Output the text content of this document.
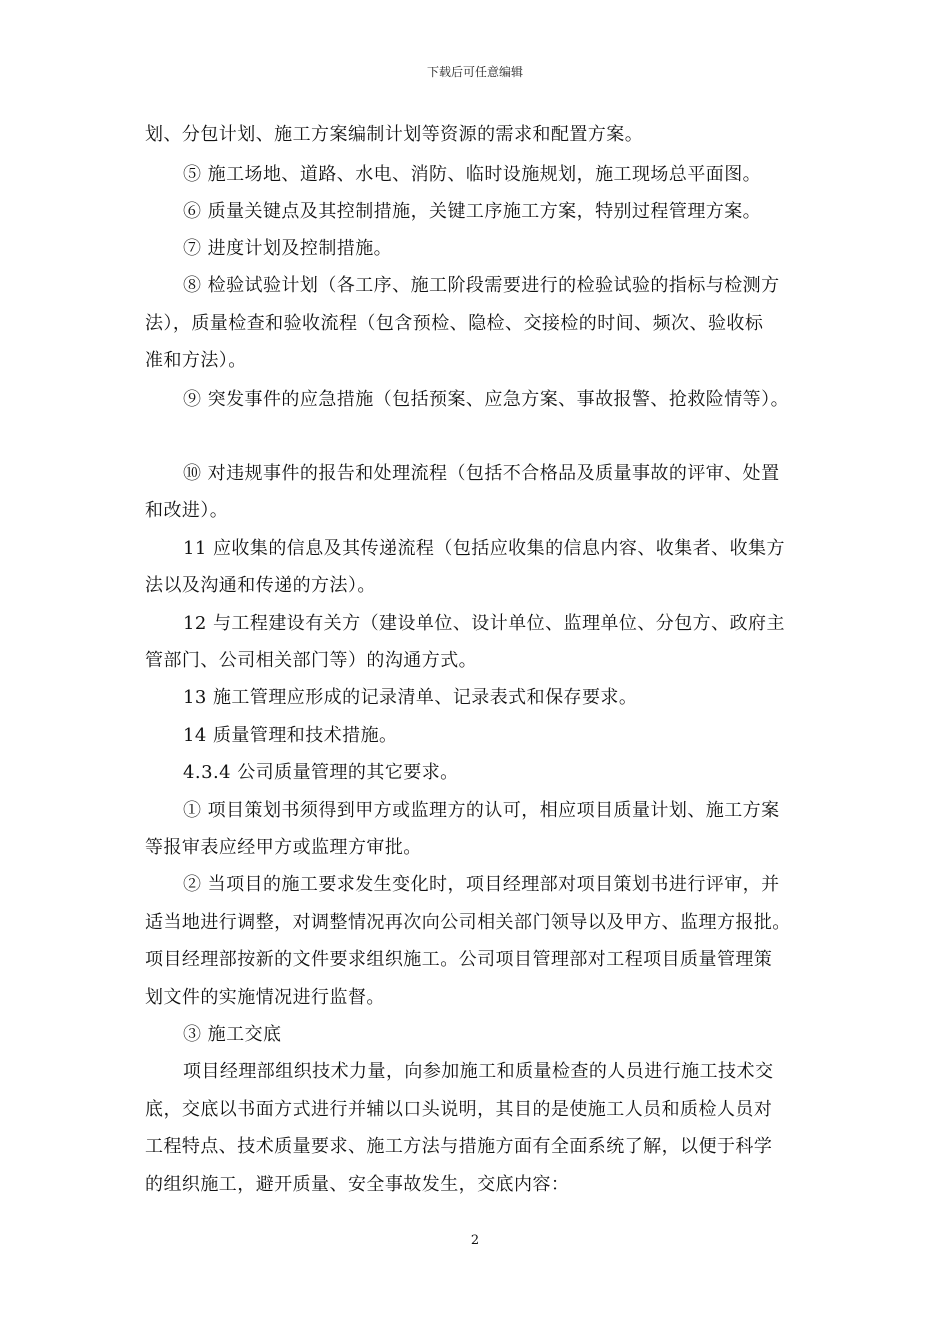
下载后可任意编辑
划、分包计划、施工方案编制计划等资源的需求和配置方案。
⑤ 施工场地、道路、水电、消防、临时设施规划，施工现场总平面图。
⑥ 质量关键点及其控制措施，关键工序施工方案，特别过程管理方案。
⑦ 进度计划及控制措施。
⑧ 检验试验计划（各工序、施工阶段需要进行的检验试验的指标与检测方
法），质量检查和验收流程（包含预检、隐检、交接检的时间、频次、验收标
准和方法）。
⑨ 突发事件的应急措施（包括预案、应急方案、事故报警、抢救险情等）。
⑩ 对违规事件的报告和处理流程（包括不合格品及质量事故的评审、处置
和改进）。
11 应收集的信息及其传递流程（包括应收集的信息内容、收集者、收集方
法以及沟通和传递的方法）。
12 与工程建设有关方（建设单位、设计单位、监理单位、分包方、政府主
管部门、公司相关部门等）的沟通方式。
13 施工管理应形成的记录清单、记录表式和保存要求。
14 质量管理和技术措施。
4.3.4 公司质量管理的其它要求。
① 项目策划书须得到甲方或监理方的认可，相应项目质量计划、施工方案
等报审表应经甲方或监理方审批。
② 当项目的施工要求发生变化时，项目经理部对项目策划书进行评审，并
适当地进行调整，对调整情况再次向公司相关部门领导以及甲方、监理方报批。
项目经理部按新的文件要求组织施工。公司项目管理部对工程项目质量管理策
划文件的实施情况进行监督。
③ 施工交底
项目经理部组织技术力量，向参加施工和质量检查的人员进行施工技术交
底，交底以书面方式进行并辅以口头说明，其目的是使施工人员和质检人员对
工程特点、技术质量要求、施工方法与措施方面有全面系统了解，以便于科学
的组织施工，避开质量、安全事故发生，交底内容：
2
